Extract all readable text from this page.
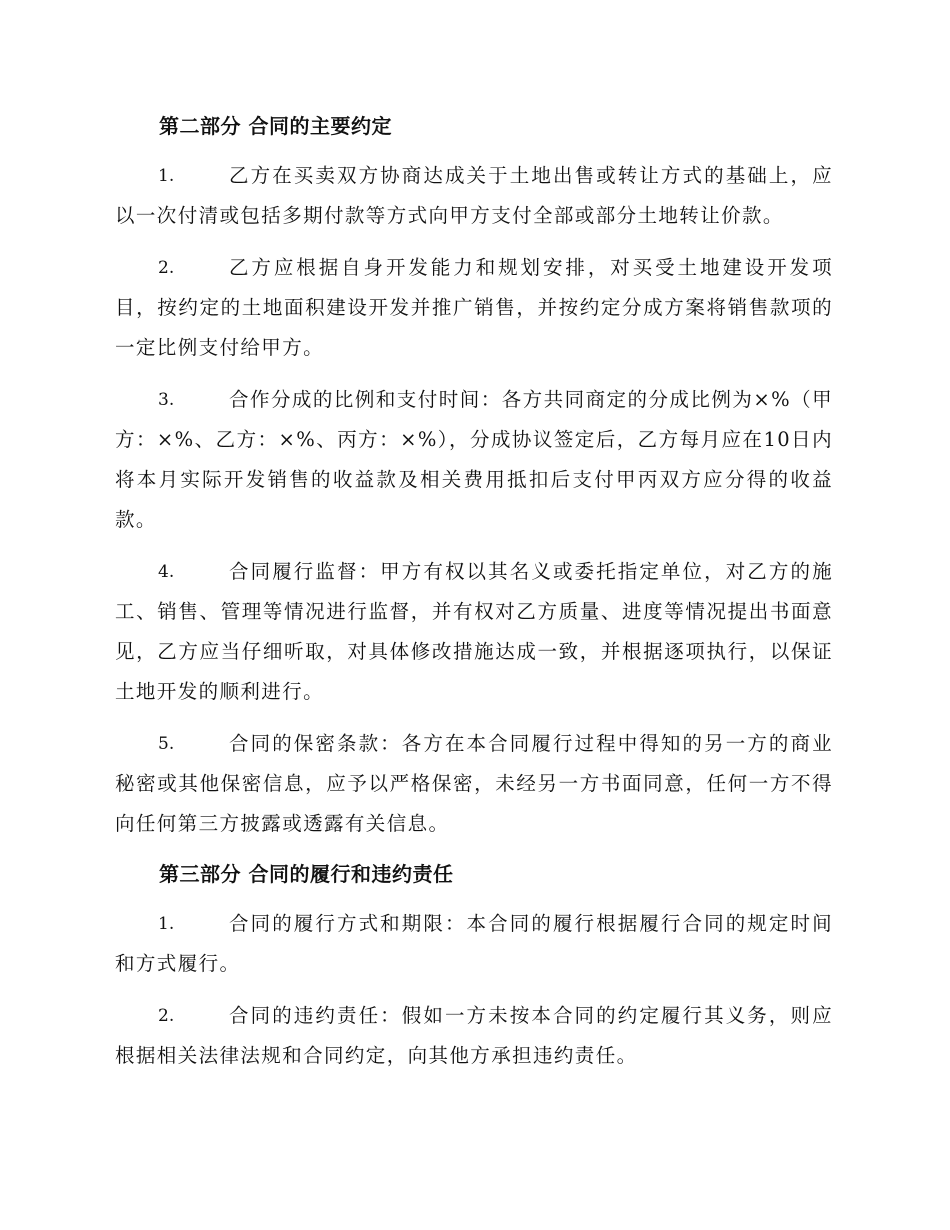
第二部分 合同的主要约定
1.	乙方在买卖双方协商达成关于土地出售或转让方式的基础上，应以一次付清或包括多期付款等方式向甲方支付全部或部分土地转让价款。
2.	乙方应根据自身开发能力和规划安排，对买受土地建设开发项目，按约定的土地面积建设开发并推广销售，并按约定分成方案将销售款项的一定比例支付给甲方。
3.	合作分成的比例和支付时间：各方共同商定的分成比例为×%（甲方：×%、乙方：×%、丙方：×%），分成协议签定后，乙方每月应在10日内将本月实际开发销售的收益款及相关费用抵扣后支付甲丙双方应分得的收益款。
4.	合同履行监督：甲方有权以其名义或委托指定单位，对乙方的施工、销售、管理等情况进行监督，并有权对乙方质量、进度等情况提出书面意见，乙方应当仔细听取，对具体修改措施达成一致，并根据逐项执行，以保证土地开发的顺利进行。
5.	合同的保密条款：各方在本合同履行过程中得知的另一方的商业秘密或其他保密信息，应予以严格保密，未经另一方书面同意，任何一方不得向任何第三方披露或透露有关信息。
第三部分 合同的履行和违约责任
1.	合同的履行方式和期限：本合同的履行根据履行合同的规定时间和方式履行。
2.	合同的违约责任：假如一方未按本合同的约定履行其义务，则应根据相关法律法规和合同约定，向其他方承担违约责任。
